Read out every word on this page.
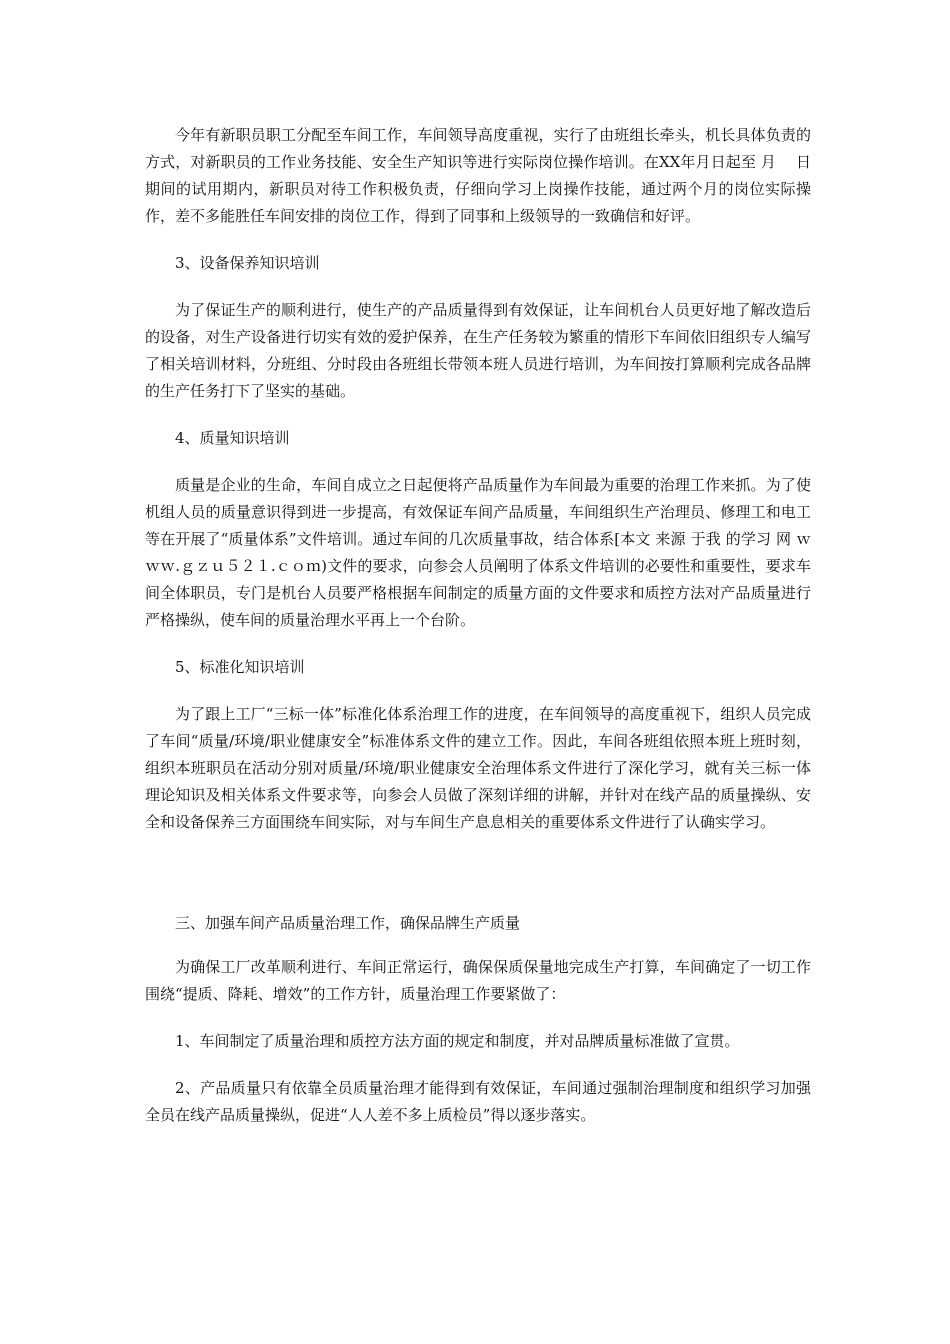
今年有新职员职工分配至车间工作，车间领导高度重视，实行了由班组长牵头，机长具体负责的方式，对新职员的工作业务技能、安全生产知识等进行实际岗位操作培训。在XX年月日起至 月　 日期间的试用期内，新职员对待工作积极负责，仔细向学习上岗操作技能，通过两个月的岗位实际操作，差不多能胜任车间安排的岗位工作，得到了同事和上级领导的一致确信和好评。

3、设备保养知识培训

为了保证生产的顺利进行，使生产的产品质量得到有效保证，让车间机台人员更好地了解改造后的设备，对生产设备进行切实有效的爱护保养，在生产任务较为繁重的情形下车间依旧组织专人编写了相关培训材料，分班组、分时段由各班组长带领本班人员进行培训，为车间按打算顺利完成各品牌的生产任务打下了坚实的基础。

4、质量知识培训

质量是企业的生命，车间自成立之日起便将产品质量作为车间最为重要的治理工作来抓。为了使机组人员的质量意识得到进一步提高，有效保证车间产品质量，车间组织生产治理员、修理工和电工等在开展了“质量体系”文件培训。通过车间的几次质量事故，结合体系[本文 来源 于我 的学习 网 ｗｗｗ.ｇｚｕ５２１.ｃｏｍ)文件的要求，向参会人员阐明了体系文件培训的必要性和重要性，要求车间全体职员，专门是机台人员要严格根据车间制定的质量方面的文件要求和质控方法对产品质量进行严格操纵，使车间的质量治理水平再上一个台阶。

5、标准化知识培训

为了跟上工厂“三标一体”标准化体系治理工作的进度，在车间领导的高度重视下，组织人员完成了车间“质量/环境/职业健康安全”标准体系文件的建立工作。因此，车间各班组依照本班上班时刻，组织本班职员在活动分别对质量/环境/职业健康安全治理体系文件进行了深化学习，就有关三标一体理论知识及相关体系文件要求等，向参会人员做了深刻详细的讲解，并针对在线产品的质量操纵、安全和设备保养三方面围绕车间实际，对与车间生产息息相关的重要体系文件进行了认确实学习。

三、加强车间产品质量治理工作，确保品牌生产质量

为确保工厂改革顺利进行、车间正常运行，确保保质保量地完成生产打算，车间确定了一切工作围绕“提质、降耗、增效”的工作方针，质量治理工作要紧做了：

1、车间制定了质量治理和质控方法方面的规定和制度，并对品牌质量标准做了宣贯。

2、产品质量只有依靠全员质量治理才能得到有效保证，车间通过强制治理制度和组织学习加强全员在线产品质量操纵，促进“人人差不多上质检员”得以逐步落实。
